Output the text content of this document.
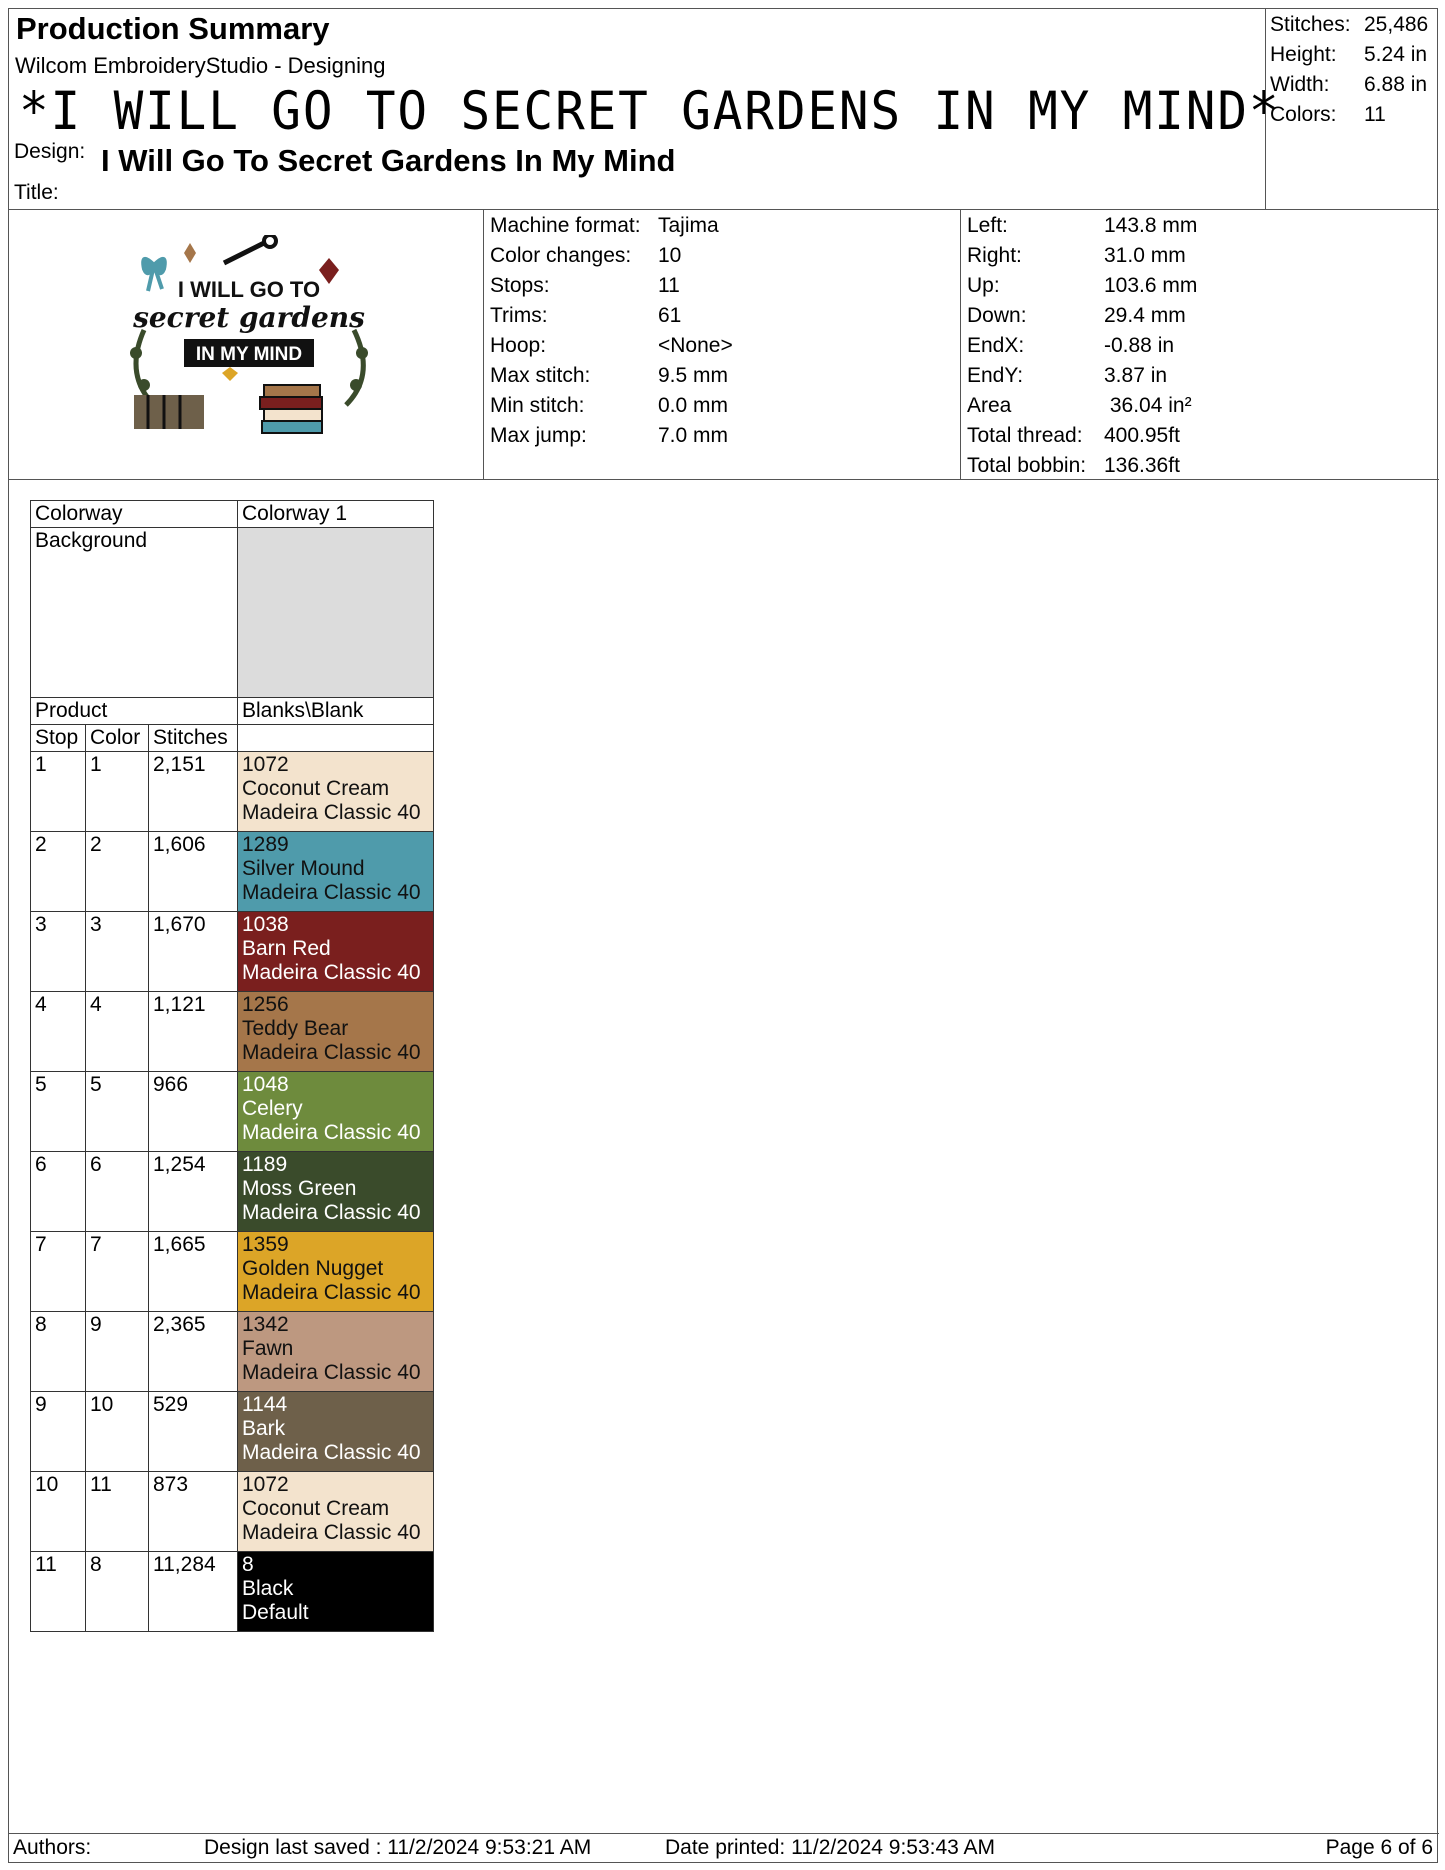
Production Summary
Wilcom EmbroideryStudio - Designing
*I WILL GO TO SECRET GARDENS IN MY MIND*
Design: I Will Go To Secret Gardens In My Mind
Title:
Stitches: 25,486
Height:	5.24 in
Width:	6.88 in
Colors:	11
I WILL GO TO
secret gardens
IN MY MIND
Machine format: Tajima
Color changes:	10
Stops:	11
Trims:	61
Hoop:	<None>
Max stitch:	9.5 mm
Min stitch:	0.0 mm
Max jump:	7.0 mm
Left:	143.8 mm
Right:	31.0 mm
Up:	103.6 mm
Down:	29.4 mm
EndX:	-0.88 in
EndY:	3.87 in
Area	36.04 in²
Total thread:	400.95ft
Total bobbin: 136.36ft
Colorway			Colorway 1
Background			
Product			Blanks\Blank
Stop	Color	Stitches	
1	1	2,151	1072
Coconut Cream
Madeira Classic 40

2	2	1,606	1289
Silver Mound
Madeira Classic 40

3	3	1,670	1038
Barn Red
Madeira Classic 40

4	4	1,121	1256
Teddy Bear
Madeira Classic 40

5	5	966	1048
Celery
Madeira Classic 40

6	6	1,254	1189
Moss Green
Madeira Classic 40

7	7	1,665	1359
Golden Nugget
Madeira Classic 40

8	9	2,365	1342
Fawn
Madeira Classic 40

9	10	529	1144
Bark
Madeira Classic 40

10	11	873	1072
Coconut Cream
Madeira Classic 40

11	8	11,284	8
Black
Default
Authors:	Design last saved : 11/2/2024 9:53:21 AM	Date printed: 11/2/2024 9:53:43 AM	Page 6 of 6
